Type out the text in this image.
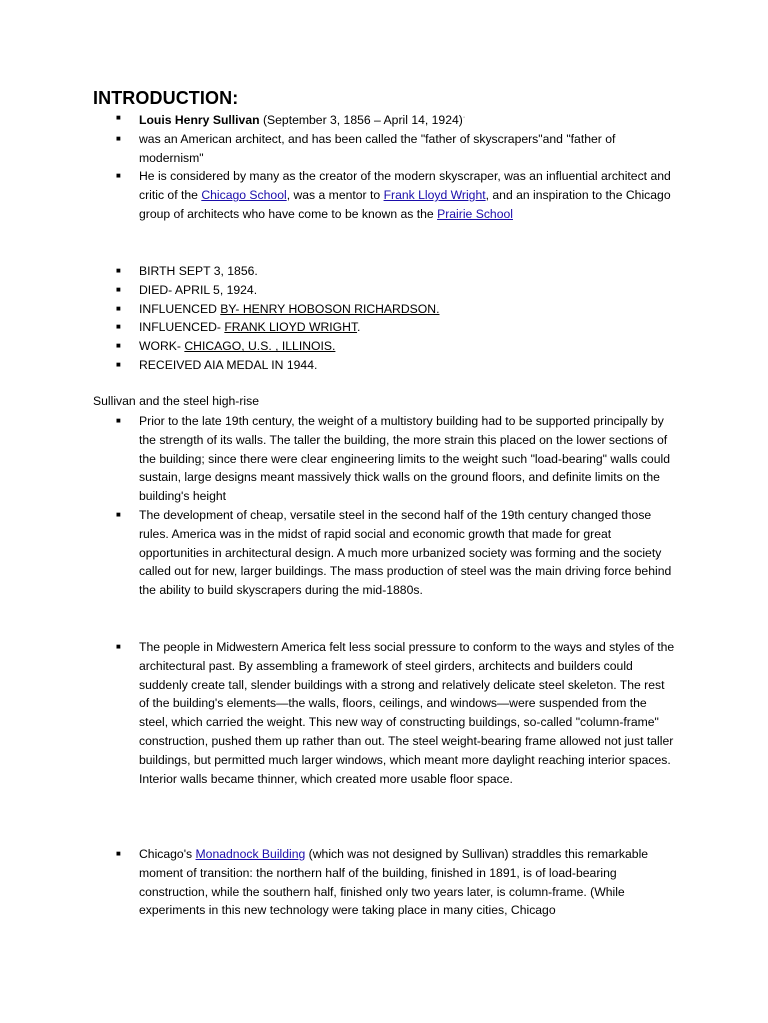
INTRODUCTION:
■ Louis Henry Sullivan (September 3, 1856 – April 14, 1924)·
■ was an American architect, and has been called the "father of skyscrapers"and "father of modernism"
■ He is considered by many as the creator of the modern skyscraper, was an influential architect and critic of the Chicago School, was a mentor to Frank Lloyd Wright, and an inspiration to the Chicago group of architects who have come to be known as the Prairie School
■ BIRTH SEPT 3, 1856.
■ DIED- APRIL 5, 1924.
■ INFLUENCED BY- HENRY HOBOSON RICHARDSON.
■ INFLUENCED- FRANK LIOYD WRIGHT.
■ WORK- CHICAGO, U.S. , ILLINOIS.
■ RECEIVED AIA MEDAL IN 1944.
Sullivan and the steel high-rise
■ Prior to the late 19th century, the weight of a multistory building had to be supported principally by the strength of its walls. The taller the building, the more strain this placed on the lower sections of the building; since there were clear engineering limits to the weight such "load-bearing" walls could sustain, large designs meant massively thick walls on the ground floors, and definite limits on the building's height
■ The development of cheap, versatile steel in the second half of the 19th century changed those rules. America was in the midst of rapid social and economic growth that made for great opportunities in architectural design. A much more urbanized society was forming and the society called out for new, larger buildings. The mass production of steel was the main driving force behind the ability to build skyscrapers during the mid-1880s.
■ The people in Midwestern America felt less social pressure to conform to the ways and styles of the architectural past. By assembling a framework of steel girders, architects and builders could suddenly create tall, slender buildings with a strong and relatively delicate steel skeleton. The rest of the building's elements—the walls, floors, ceilings, and windows—were suspended from the steel, which carried the weight. This new way of constructing buildings, so-called "column-frame" construction, pushed them up rather than out. The steel weight-bearing frame allowed not just taller buildings, but permitted much larger windows, which meant more daylight reaching interior spaces. Interior walls became thinner, which created more usable floor space.
■ Chicago's Monadnock Building (which was not designed by Sullivan) straddles this remarkable moment of transition: the northern half of the building, finished in 1891, is of load-bearing construction, while the southern half, finished only two years later, is column-frame. (While experiments in this new technology were taking place in many cities, Chicago
